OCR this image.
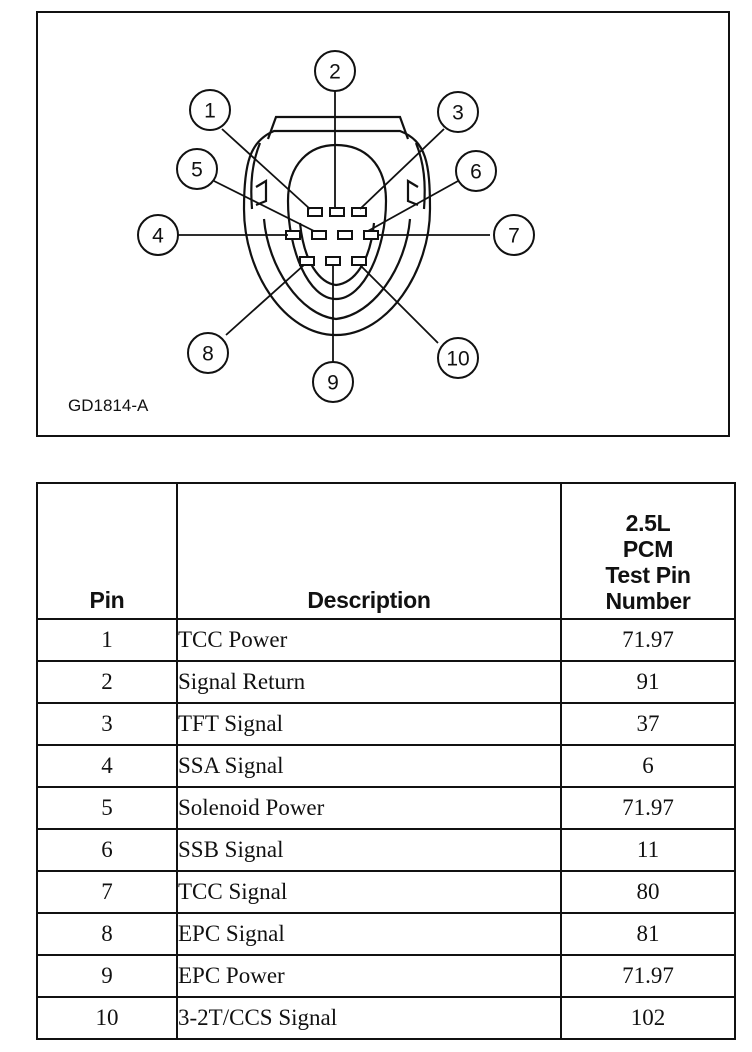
1
2
3
4
5	6
7
8
9
10
GD1814-A
Pin	Description	2.5L
PCM
Test Pin
Number

1	TCC Power	71.97
2	Signal Return	91
3	TFT Signal	37
4	SSA Signal	6
5	Solenoid Power	71.97
6	SSB Signal	11
7	TCC Signal	80
8	EPC Signal	81
9	EPC Power	71.97
10	3-2T/CCS Signal	102
